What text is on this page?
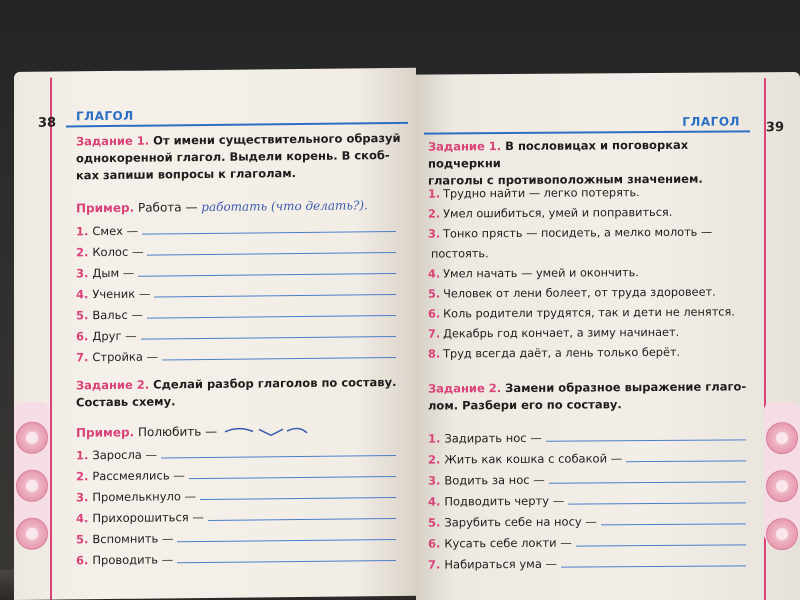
38 ГЛАГОЛ
Задание 1. От имени существительного образуй
однокоренной глагол. Выдели корень. В скоб-
ках запиши вопросы к глаголам.
Пример. Работа — работать (что делать?).
1. Смех —
2. Колос —
3. Дым —
4. Ученик —
5. Вальс —
6. Друг —
7. Стройка —
Задание 2. Сделай разбор глаголов по составу.
Составь схему.
Пример. Полюбить —
1. Заросла —
2. Рассмеялись —
3. Промелькнуло —
4. Прихорошиться —
5. Вспомнить —
6. Проводить —
39
ГЛАГОЛ
Задание 1. В пословицах и поговорках подчеркни
глаголы с противоположным значением.
1. Трудно найти — легко потерять.
2. Умел ошибиться, умей и поправиться.
3. Тонко прясть — посидеть, а мелко молоть —
постоять.
4. Умел начать — умей и окончить.
5. Человек от лени болеет, от труда здоровеет.
6. Коль родители трудятся, так и дети не ленятся.
7. Декабрь год кончает, а зиму начинает.
8. Труд всегда даёт, а лень только берёт.
Задание 2. Замени образное выражение глаго-
лом. Разбери его по составу.
1. Задирать нос —
2. Жить как кошка с собакой —
3. Водить за нос —
4. Подводить черту —
5. Зарубить себе на носу —
6. Кусать себе локти —
7. Набираться ума —
